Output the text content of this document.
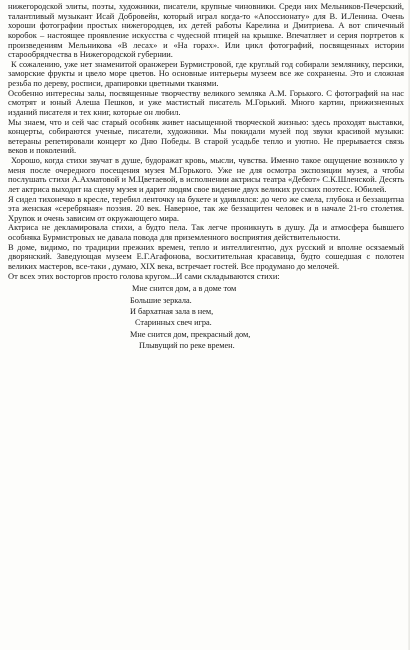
нижегородской элиты, поэты, художники, писатели, крупные чиновники. Среди них Мельников-Печерский, талантливый музыкант Исай Добровейн, который играл когда-то «Апоссионату» для В. И.Ленина. Очень хороши фотографии простых нижегородцев, их детей работы Карелина и Дмитриева. А вот спичечный коробок – настоящее проявление искусства с чудесной птицей на крышке. Впечатляет и серия портретов к произведениям Мельникова «В лесах» и «На горах». Или цикл фотографий, посвященных истории старообрядчества в Нижегородской губернии.

К сожалению, уже нет знаменитой оранжереи Бурмистровой, где круглый год собирали землянику, персики, заморские фрукты и цвело море цветов. Но основные интерьеры музеем все же сохранены. Это и сложная резьба по дереву, росписи, драпировки цветными тканями.

Особенно интересны залы, посвященные творчеству великого земляка А.М. Горького. С фотографий на нас смотрят и юный Алеша Пешков, и уже мастистый писатель М.Горький. Много картин, прижизненных изданий писателя и тех книг, которые он любил.

Мы знаем, что и сей час старый особняк живет насыщенной творческой жизнью: здесь проходят выставки, концерты, собираются ученые, писатели, художники. Мы покидали музей под звуки красивой музыки: ветераны репетировали концерт ко Дню Победы. В старой усадьбе тепло и уютно. Не прерывается связь веков и поколений.

Хорошо, когда стихи звучат в душе, будоражат кровь, мысли, чувства. Именно такое ощущение возникло у меня после очередного посещения музея М.Горького. Уже не для осмотра экспозиции музея, а чтобы послушать стихи А.Ахматовой и М.Цветаевой, в исполнении актрисы театра «Дебют» С.К.Шленской. Десять лет актриса выходит на сцену музея и дарит людям свое видение двух великих русских поэтесс. Юбилей.

Я сидел тихонечко в кресле, теребил ленточку на букете и удивлялся: до чего же смела, глубока и беззащитна эта женская «серебряная» поэзия. 20 век. Наверное, так же беззащитен человек и в начале 21-го столетия. Хрупок и очень зависим от окружающего мира.

Актриса не декламировала стихи, а будто пела. Так легче проникнуть в душу. Да и атмосфера бывшего особняка Бурмистровых не давала повода для приземленного восприятия действительности.

В доме, видимо, по традиции прежних времен, тепло и интеллигентно, дух русский и вполне осязаемый дворянский. Заведующая музеем Е.Г.Агафонова, восхитительная красавица, будто сошедшая с полотен великих мастеров, все-таки , думаю, XIX века, встречает гостей. Все продумано до мелочей.

От всех этих восторгов просто голова кругом...И сами складываются стихи:

Мне снится дом, а в доме том
Большие зеркала.
И бархатная зала в нем,
Старинных свеч игра.
Мне снится дом, прекрасный дом,
Плывущий по реке времен.
